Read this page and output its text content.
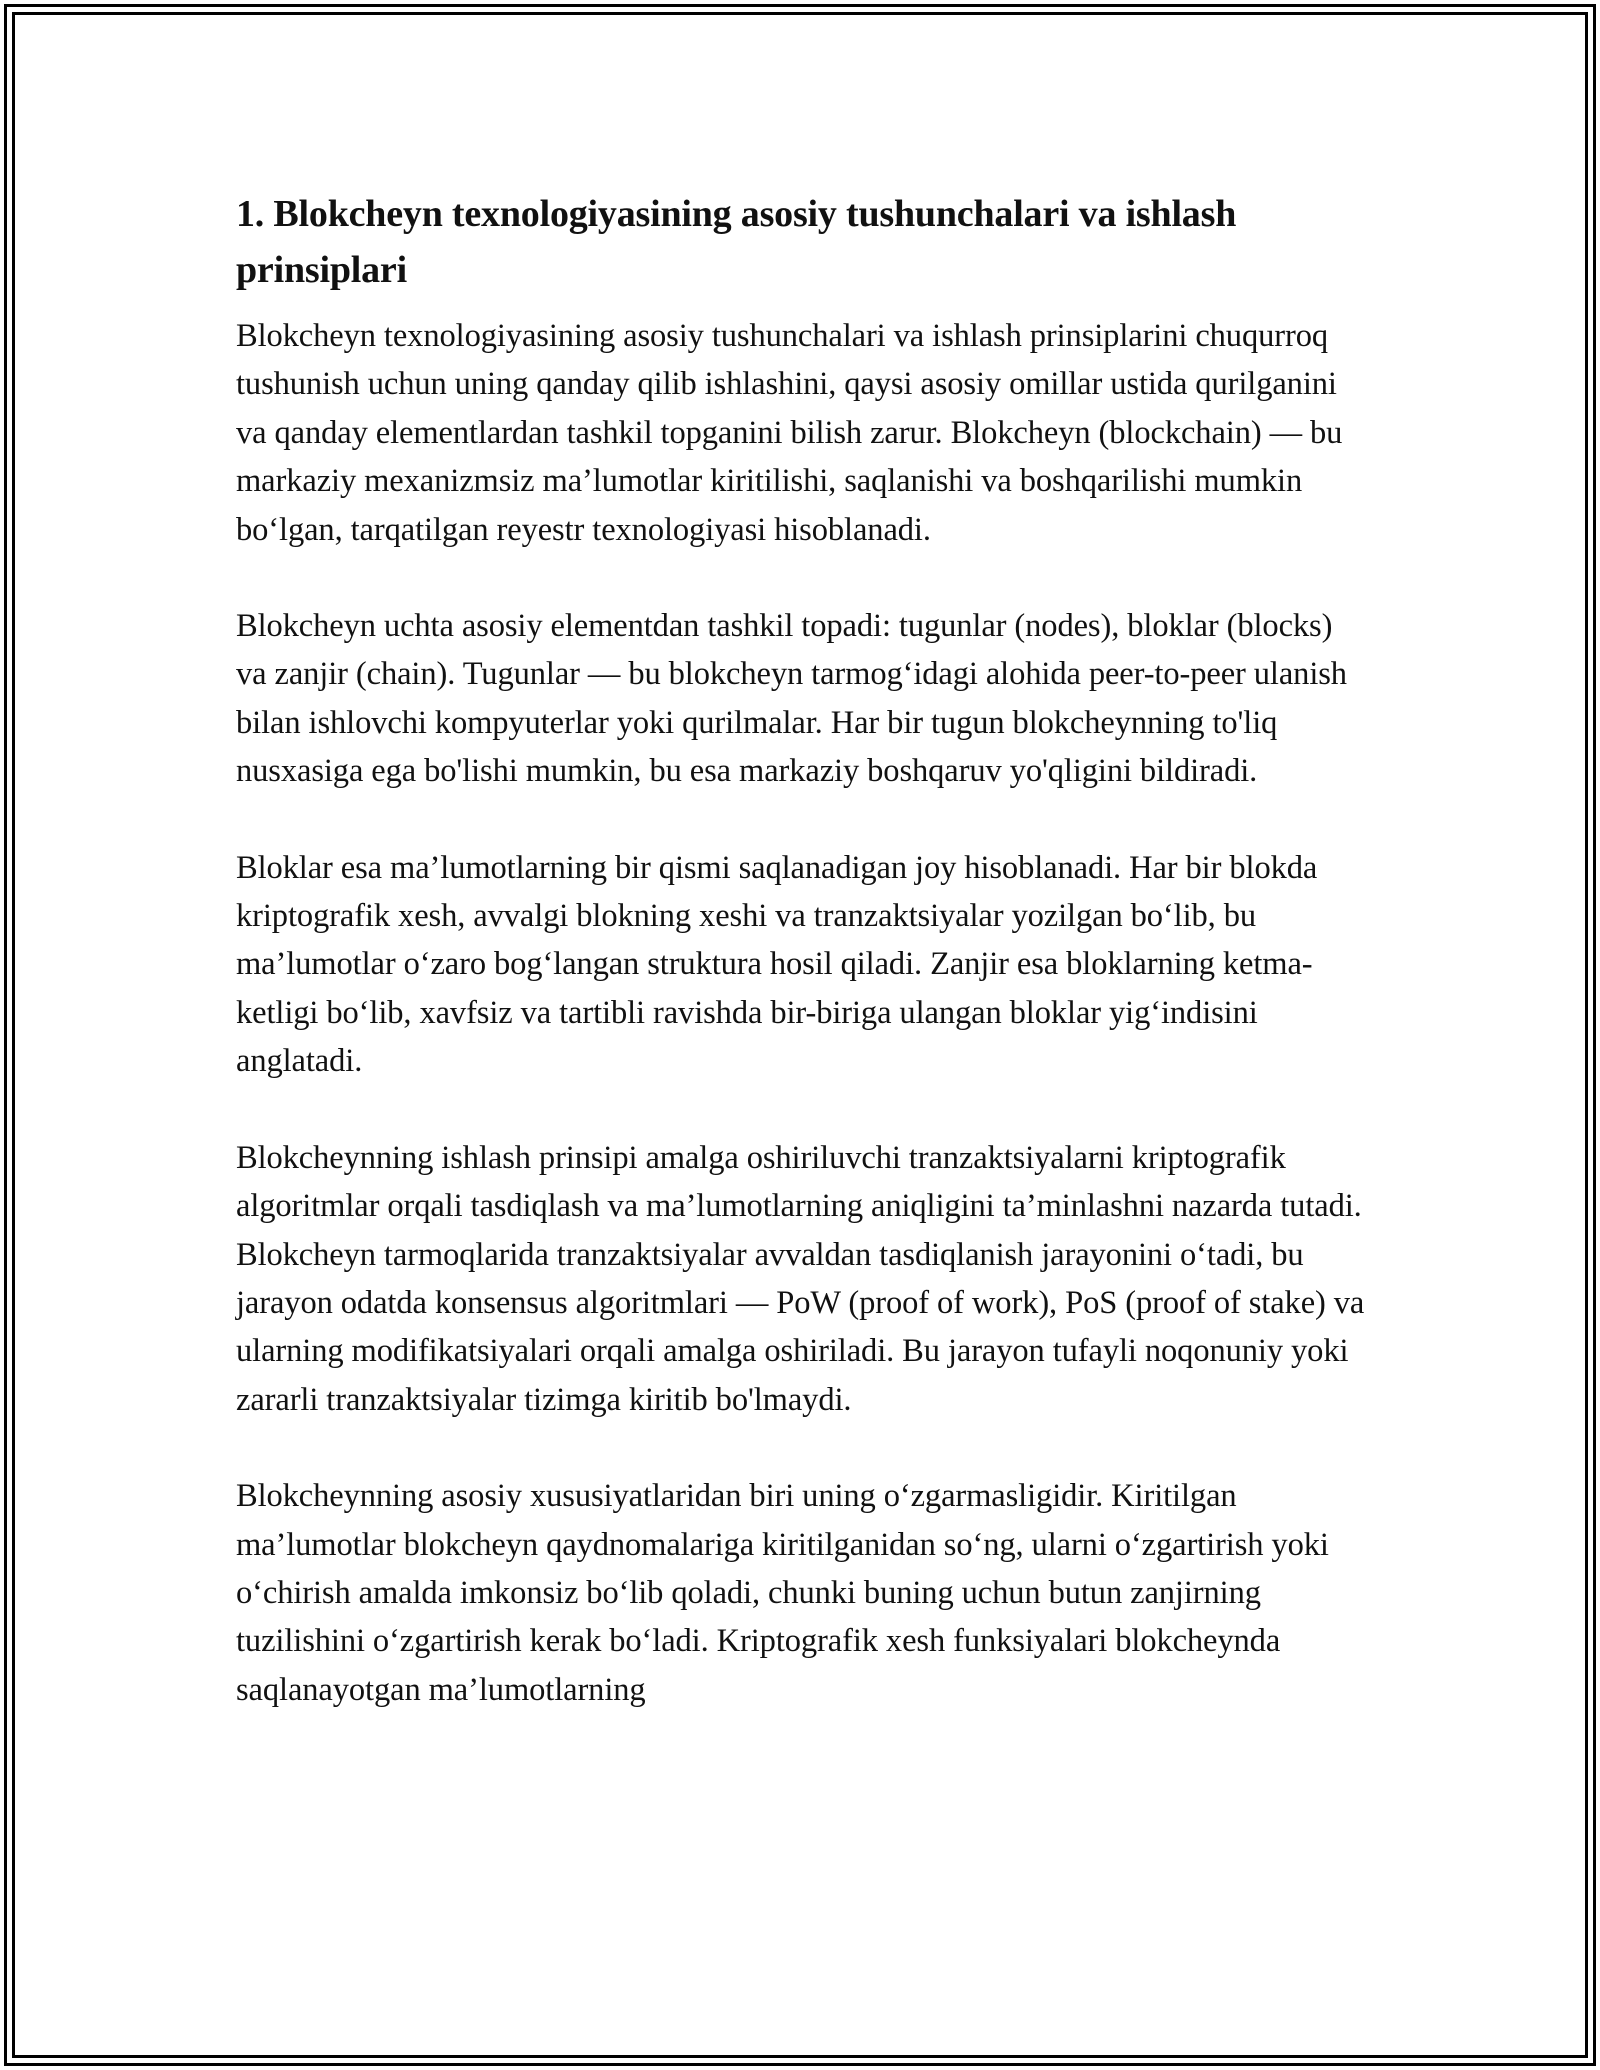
1. Blokcheyn texnologiyasining asosiy tushunchalari va ishlash prinsiplari

Blokcheyn texnologiyasining asosiy tushunchalari va ishlash prinsiplarini chuqurroq tushunish uchun uning qanday qilib ishlashini, qaysi asosiy omillar ustida qurilganini va qanday elementlardan tashkil topganini bilish zarur. Blokcheyn (blockchain) — bu markaziy mexanizmsiz ma’lumotlar kiritilishi, saqlanishi va boshqarilishi mumkin bo‘lgan, tarqatilgan reyestr texnologiyasi hisoblanadi.

Blokcheyn uchta asosiy elementdan tashkil topadi: tugunlar (nodes), bloklar (blocks) va zanjir (chain). Tugunlar — bu blokcheyn tarmog‘idagi alohida peer-to-peer ulanish bilan ishlovchi kompyuterlar yoki qurilmalar. Har bir tugun blokcheynning to'liq nusxasiga ega bo'lishi mumkin, bu esa markaziy boshqaruv yo'qligini bildiradi.

Bloklar esa ma’lumotlarning bir qismi saqlanadigan joy hisoblanadi. Har bir blokda kriptografik xesh, avvalgi blokning xeshi va tranzaktsiyalar yozilgan bo‘lib, bu ma’lumotlar o‘zaro bog‘langan struktura hosil qiladi. Zanjir esa bloklarning ketma-ketligi bo‘lib, xavfsiz va tartibli ravishda bir-biriga ulangan bloklar yig‘indisini anglatadi.

Blokcheynning ishlash prinsipi amalga oshiriluvchi tranzaktsiyalarni kriptografik algoritmlar orqali tasdiqlash va ma’lumotlarning aniqligini ta’minlashni nazarda tutadi. Blokcheyn tarmoqlarida tranzaktsiyalar avvaldan tasdiqlanish jarayonini o‘tadi, bu jarayon odatda konsensus algoritmlari — PoW (proof of work), PoS (proof of stake) va ularning modifikatsiyalari orqali amalga oshiriladi. Bu jarayon tufayli noqonuniy yoki zararli tranzaktsiyalar tizimga kiritib bo'lmaydi.

Blokcheynning asosiy xususiyatlaridan biri uning o‘zgarmasligidir. Kiritilgan ma’lumotlar blokcheyn qaydnomalariga kiritilganidan so‘ng, ularni o‘zgartirish yoki o‘chirish amalda imkonsiz bo‘lib qoladi, chunki buning uchun butun zanjirning tuzilishini o‘zgartirish kerak bo‘ladi. Kriptografik xesh funksiyalari blokcheynda saqlanayotgan ma’lumotlarning
